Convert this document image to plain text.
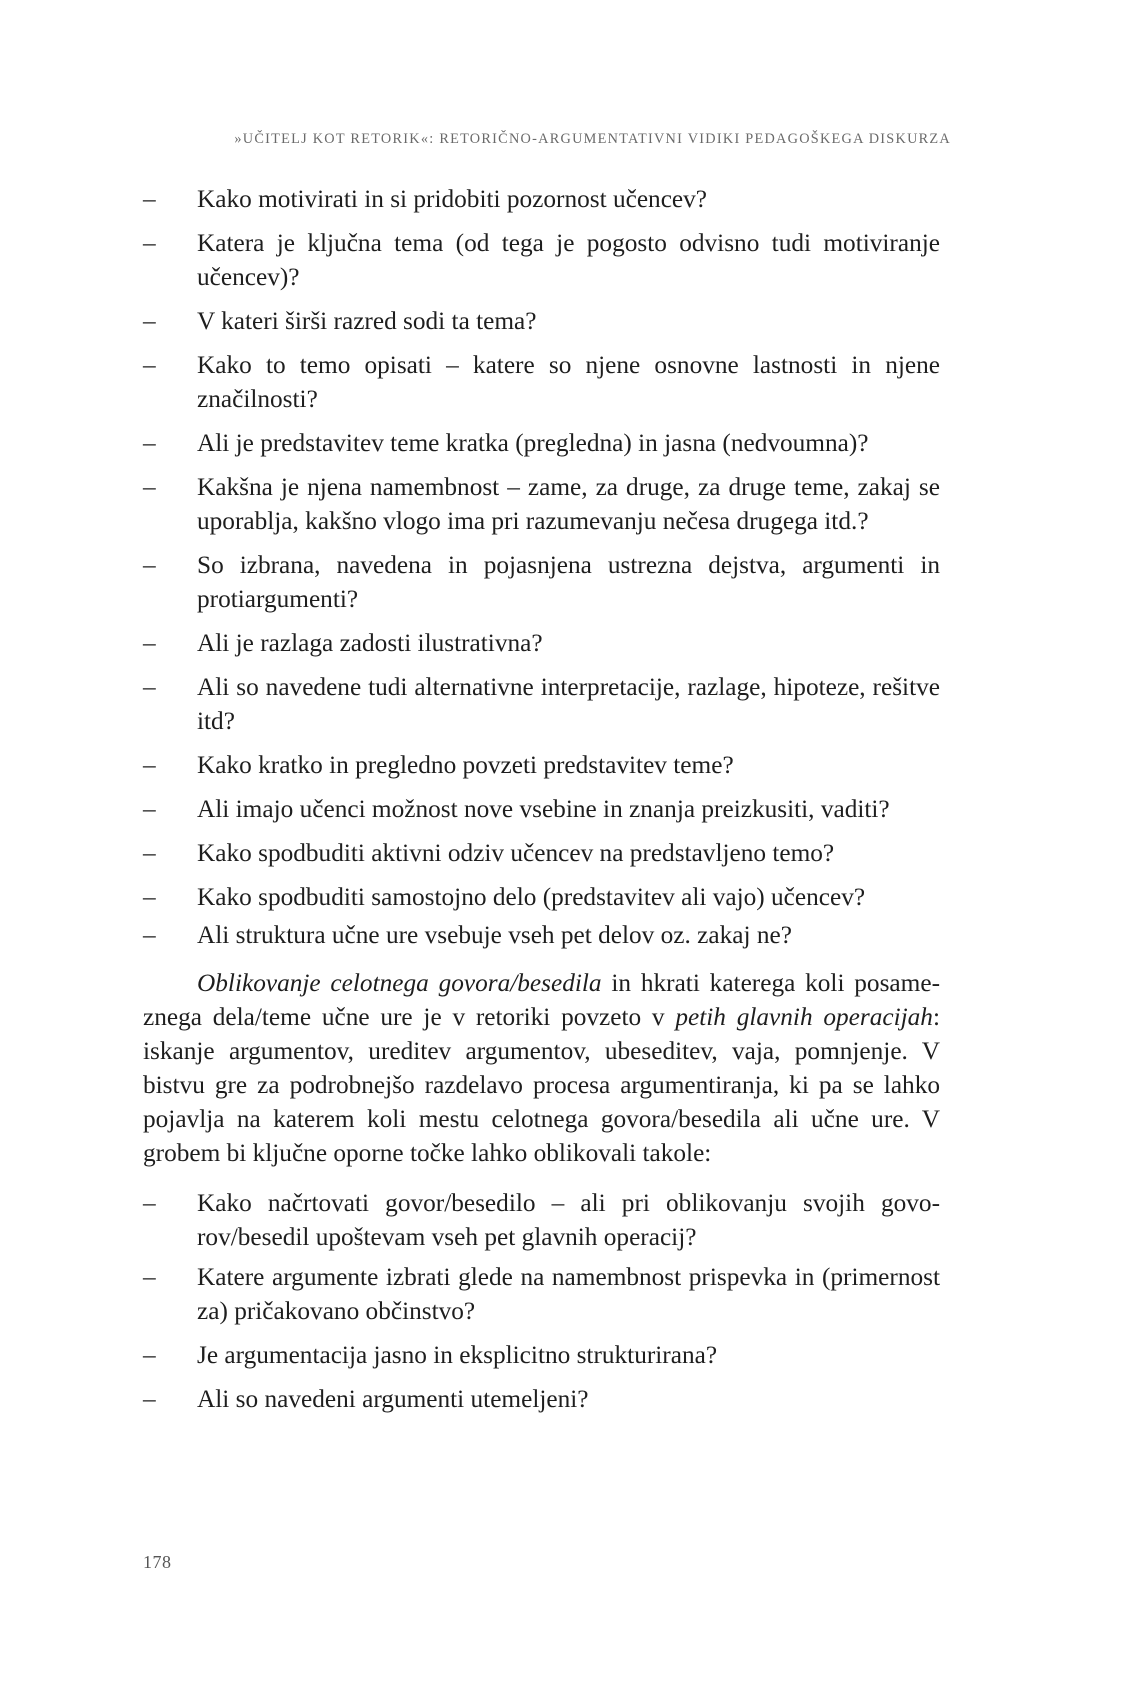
»UČITELJ KOT RETORIK«: RETORIČNO-ARGUMENTATIVNI VIDIKI PEDAGOŠKEGA DISKURZA
– Kako motivirati in si pridobiti pozornost učencev?
– Katera je ključna tema (od tega je pogosto odvisno tudi motiviranje učencev)?
– V kateri širši razred sodi ta tema?
– Kako to temo opisati – katere so njene osnovne lastnosti in njene značilnosti?
– Ali je predstavitev teme kratka (pregledna) in jasna (nedvoumna)?
– Kakšna je njena namembnost – zame, za druge, za druge teme, zakaj se uporablja, kakšno vlogo ima pri razumevanju nečesa drugega itd.?
– So izbrana, navedena in pojasnjena ustrezna dejstva, argumenti in protiargumenti?
– Ali je razlaga zadosti ilustrativna?
– Ali so navedene tudi alternativne interpretacije, razlage, hipoteze, rešitve itd?
– Kako kratko in pregledno povzeti predstavitev teme?
– Ali imajo učenci možnost nove vsebine in znanja preizkusiti, vaditi?
– Kako spodbuditi aktivni odziv učencev na predstavljeno temo?
– Kako spodbuditi samostojno delo (predstavitev ali vajo) učencev?
– Ali struktura učne ure vsebuje vseh pet delov oz. zakaj ne?

Oblikovanje celotnega govora/besedila in hkrati katerega koli posameznega dela/teme učne ure je v retoriki povzeto v petih glavnih operacijah: iskanje argumentov, ureditev argumentov, ubeseditev, vaja, pomnjenje. V bistvu gre za podrobnejšo razdelavo procesa argumentiranja, ki pa se lahko pojavlja na katerem koli mestu celotnega govora/besedila ali učne ure. V grobem bi ključne oporne točke lahko oblikovali takole:

– Kako načrtovati govor/besedilo – ali pri oblikovanju svojih govorov/besedil upoštevam vseh pet glavnih operacij?
– Katere argumente izbrati glede na namembnost prispevka in (primernost za) pričakovano občinstvo?
– Je argumentacija jasno in eksplicitno strukturirana?
– Ali so navedeni argumenti utemeljeni?
178
